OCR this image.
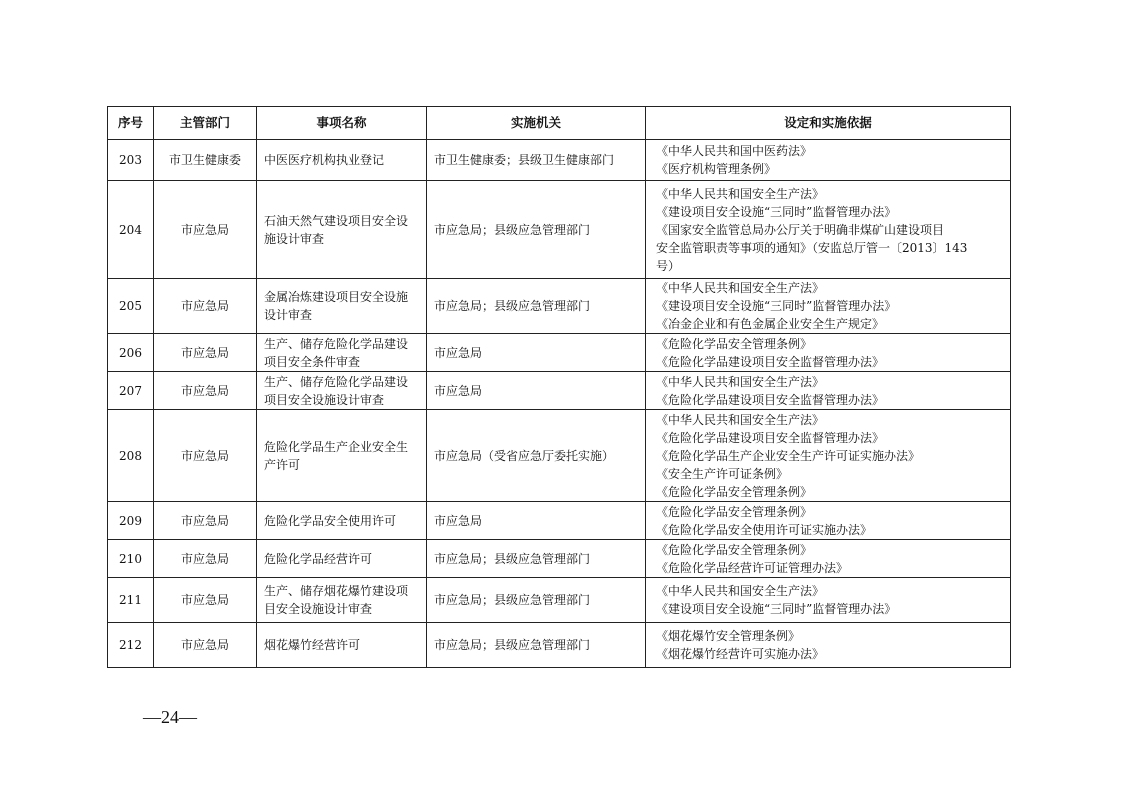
序号	主管部门	事项名称	实施机关	设定和实施依据
203	市卫生健康委	中医医疗机构执业登记	市卫生健康委；县级卫生健康部门	《中华人民共和国中医药法》
《医疗机构管理条例》

204	市应急局	石油天然气建设项目安全设施设计审查	市应急局；县级应急管理部门	《中华人民共和国安全生产法》
《建设项目安全设施“三同时”监督管理办法》
《国家安全监管总局办公厅关于明确非煤矿山建设项目
安全监管职责等事项的通知》（安监总厅管一〔2013〕143
号）

205	市应急局	金属冶炼建设项目安全设施设计审查	市应急局；县级应急管理部门	《中华人民共和国安全生产法》
《建设项目安全设施“三同时”监督管理办法》
《冶金企业和有色金属企业安全生产规定》

206	市应急局	生产、储存危险化学品建设项目安全条件审查	市应急局	《危险化学品安全管理条例》
《危险化学品建设项目安全监督管理办法》

207	市应急局	生产、储存危险化学品建设项目安全设施设计审查	市应急局	《中华人民共和国安全生产法》
《危险化学品建设项目安全监督管理办法》

208	市应急局	危险化学品生产企业安全生产许可	市应急局（受省应急厅委托实施）	《中华人民共和国安全生产法》
《危险化学品建设项目安全监督管理办法》
《危险化学品生产企业安全生产许可证实施办法》
《安全生产许可证条例》
《危险化学品安全管理条例》

209	市应急局	危险化学品安全使用许可	市应急局	《危险化学品安全管理条例》
《危险化学品安全使用许可证实施办法》

210	市应急局	危险化学品经营许可	市应急局；县级应急管理部门	《危险化学品安全管理条例》
《危险化学品经营许可证管理办法》

211	市应急局	生产、储存烟花爆竹建设项目安全设施设计审查	市应急局；县级应急管理部门	《中华人民共和国安全生产法》
《建设项目安全设施“三同时”监督管理办法》

212	市应急局	烟花爆竹经营许可	市应急局；县级应急管理部门	《烟花爆竹安全管理条例》
《烟花爆竹经营许可实施办法》
—24—
